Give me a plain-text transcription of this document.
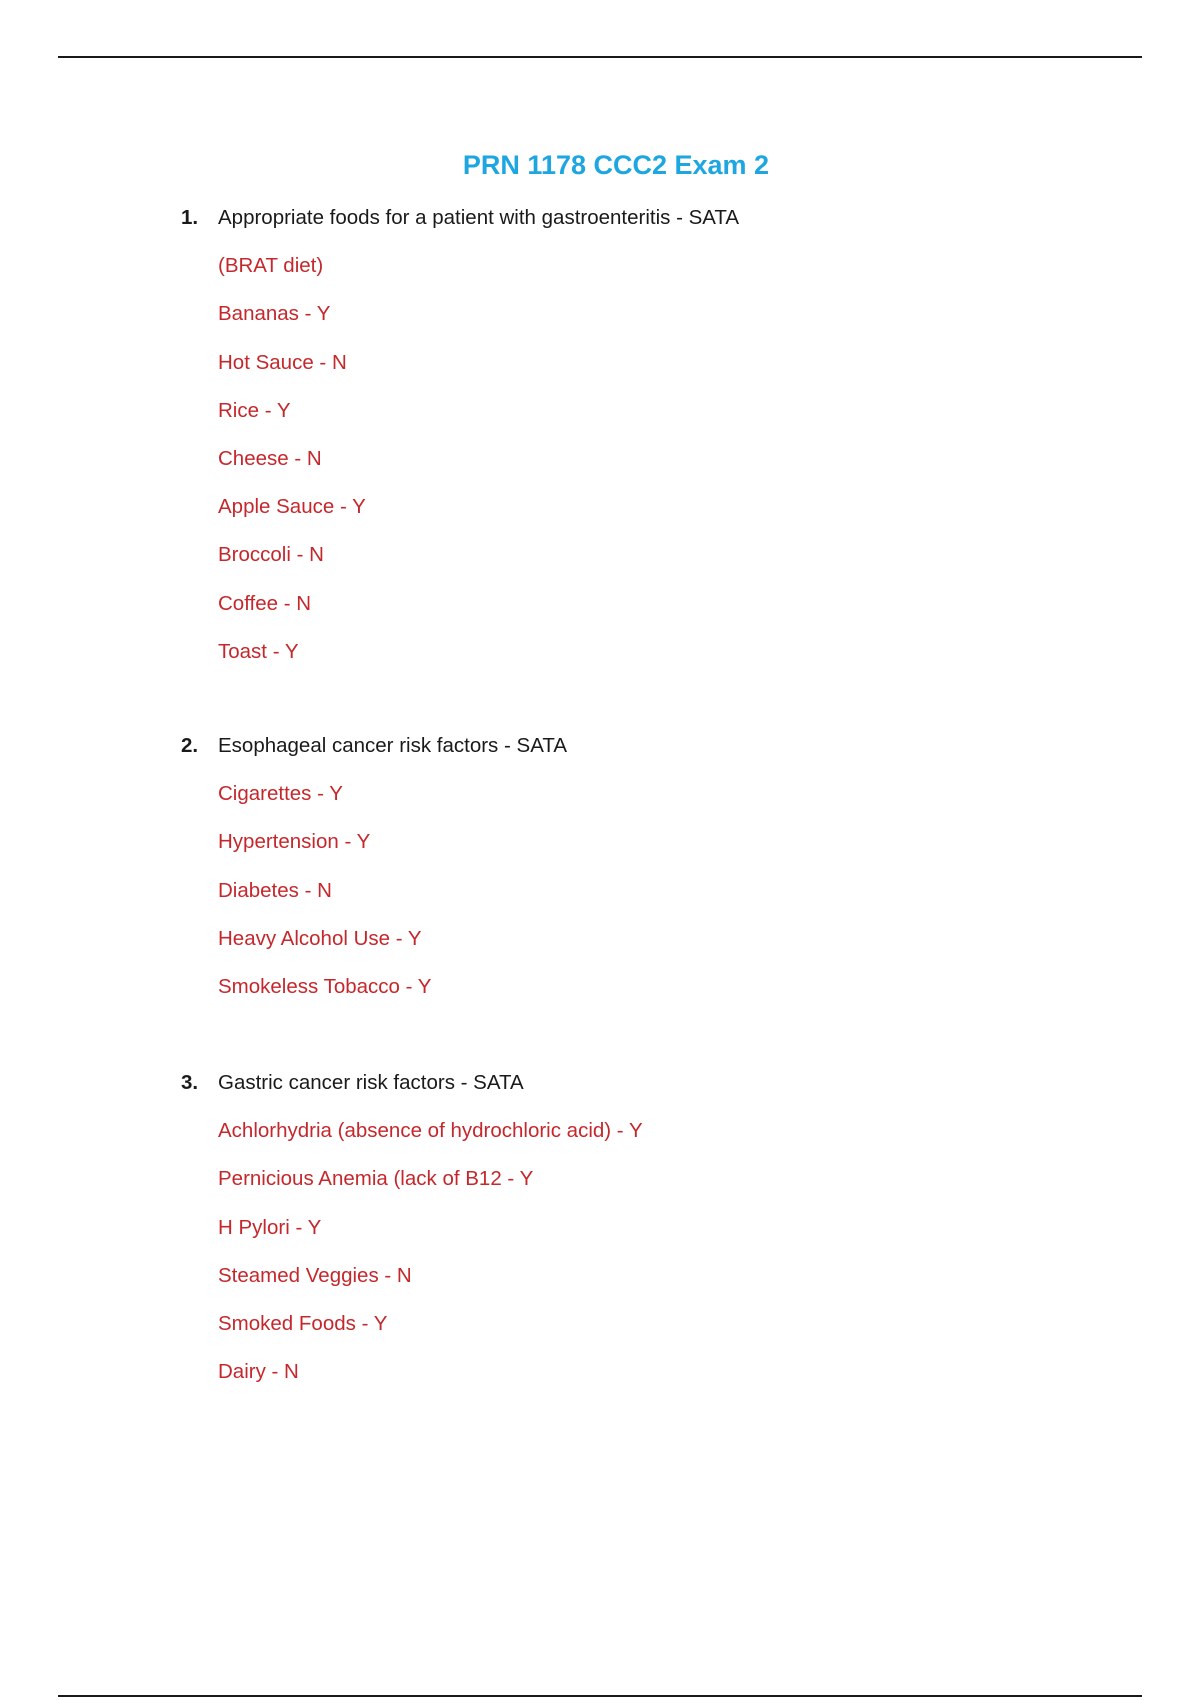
PRN 1178 CCC2 Exam 2
1. Appropriate foods for a patient with gastroenteritis - SATA
(BRAT diet)
Bananas - Y
Hot Sauce - N
Rice - Y
Cheese - N
Apple Sauce - Y
Broccoli - N
Coffee - N
Toast - Y
2. Esophageal cancer risk factors - SATA
Cigarettes - Y
Hypertension - Y
Diabetes - N
Heavy Alcohol Use - Y
Smokeless Tobacco - Y
3. Gastric cancer risk factors - SATA
Achlorhydria (absence of hydrochloric acid) - Y
Pernicious Anemia (lack of B12 - Y
H Pylori - Y
Steamed Veggies - N
Smoked Foods - Y
Dairy - N
